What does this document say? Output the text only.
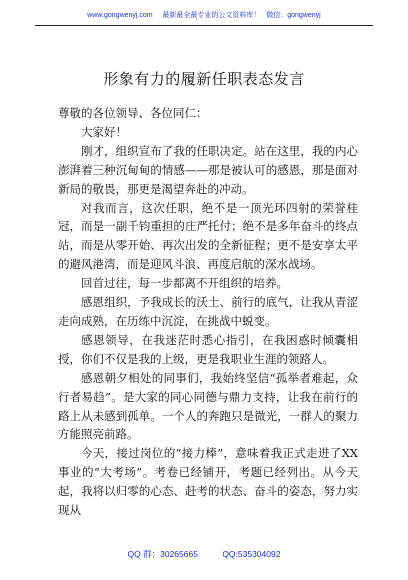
www.gongwenyj.com 最新最全最专业的公文资料库！ 微信：gongwenyj
形象有力的履新任职表态发言

尊敬的各位领导、各位同仁：

大家好！

刚才，组织宣布了我的任职决定。站在这里，我的内心澎湃着三种沉甸甸的情感——那是被认可的感恩，那是面对新局的敬畏，那更是渴望奔赴的冲动。

对我而言，这次任职，绝不是一顶光环四射的荣誉桂冠，而是一副千钧重担的庄严托付；绝不是多年奋斗的终点站，而是从零开始、再次出发的全新征程；更不是安享太平的避风港湾，而是迎风斗浪、再度启航的深水战场。

回首过往，每一步都离不开组织的培养。

感恩组织，予我成长的沃土、前行的底气，让我从青涩走向成熟，在历练中沉淀，在挑战中蜕变。

感恩领导，在我迷茫时悉心指引，在我困惑时倾囊相授，你们不仅是我的上级，更是我职业生涯的领路人。

感恩朝夕相处的同事们，我始终坚信“孤举者难起，众行者易趋”。是大家的同心同德与鼎力支持，让我在前行的路上从未感到孤单。一个人的奔跑只是微光，一群人的聚力方能照亮前路。

今天，接过岗位的“接力棒”，意味着我正式走进了XX事业的“大考场”。考卷已经铺开，考题已经列出。从今天起，我将以归零的心态、赶考的状态、奋斗的姿态，努力实现从

QQ 群：30265665	QQ:535304092
